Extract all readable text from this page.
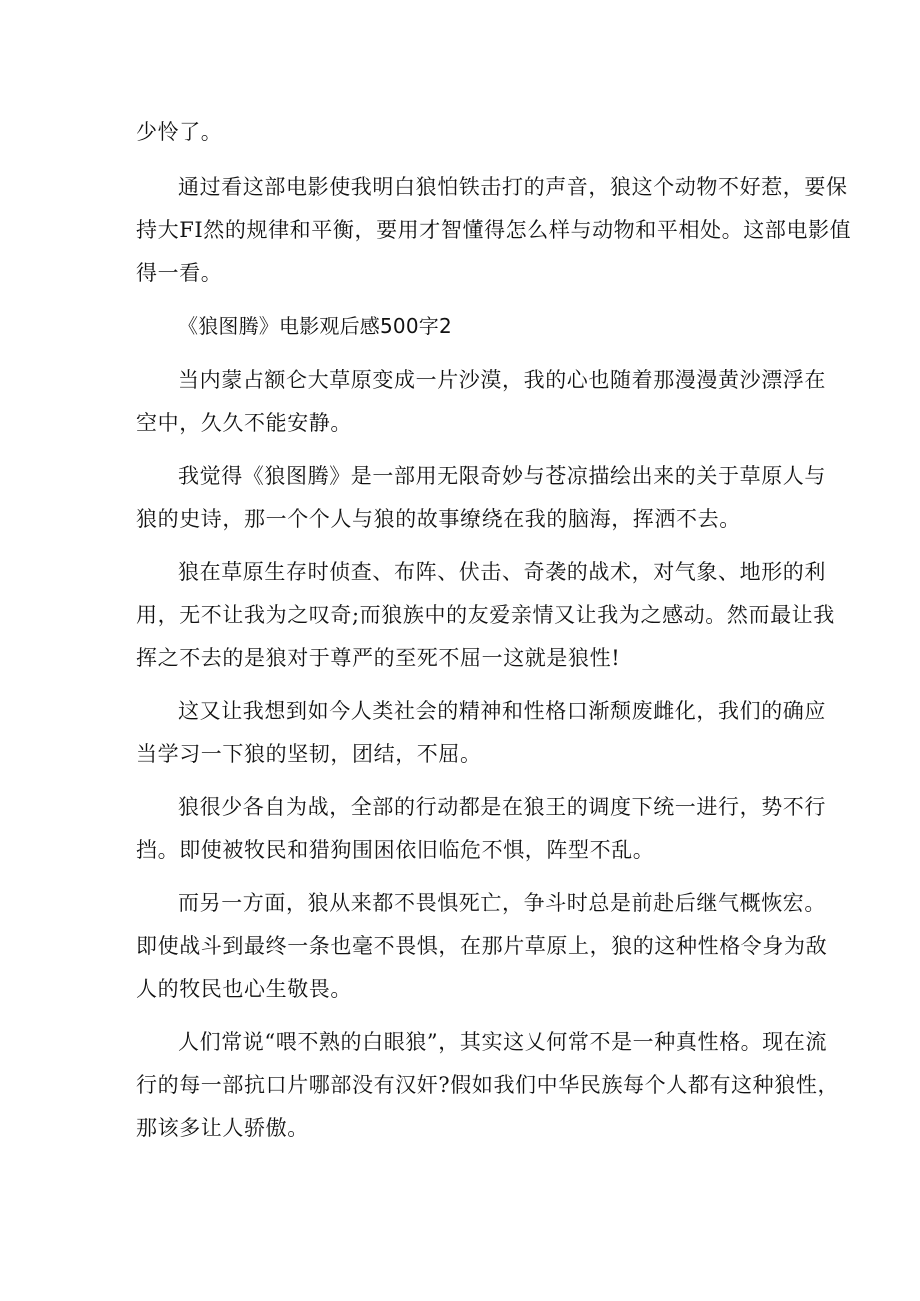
少怜了。
通过看这部电影使我明白狼怕铁击打的声音，狼这个动物不好惹，要保
持大FI然的规律和平衡，要用才智懂得怎么样与动物和平相处。这部电影值
得一看。
《狼图腾》电影观后感500字2
当内蒙占额仑大草原变成一片沙漠，我的心也随着那漫漫黄沙漂浮在
空中，久久不能安静。
我觉得《狼图腾》是一部用无限奇妙与苍凉描绘出来的关于草原人与
狼的史诗，那一个个人与狼的故事缭绕在我的脑海，挥洒不去。
狼在草原生存时侦查、布阵、伏击、奇袭的战术，对气象、地形的利
用，无不让我为之叹奇;而狼族中的友爱亲情又让我为之感动。然而最让我
挥之不去的是狼对于尊严的至死不屈一这就是狼性!
这又让我想到如今人类社会的精神和性格口渐颓废雌化，我们的确应
当学习一下狼的坚韧，团结，不屈。
狼很少各自为战，全部的行动都是在狼王的调度下统一进行，势不行
挡。即使被牧民和猎狗围困依旧临危不惧，阵型不乱。
而另一方面，狼从来都不畏惧死亡，争斗时总是前赴后继气概恢宏。
即使战斗到最终一条也毫不畏惧，在那片草原上，狼的这种性格令身为敌
人的牧民也心生敬畏。
人们常说“喂不熟的白眼狼”，其实这乂何常不是一种真性格。现在流
行的每一部抗口片哪部没有汉奸?假如我们中华民族每个人都有这种狼性，
那该多让人骄傲。
